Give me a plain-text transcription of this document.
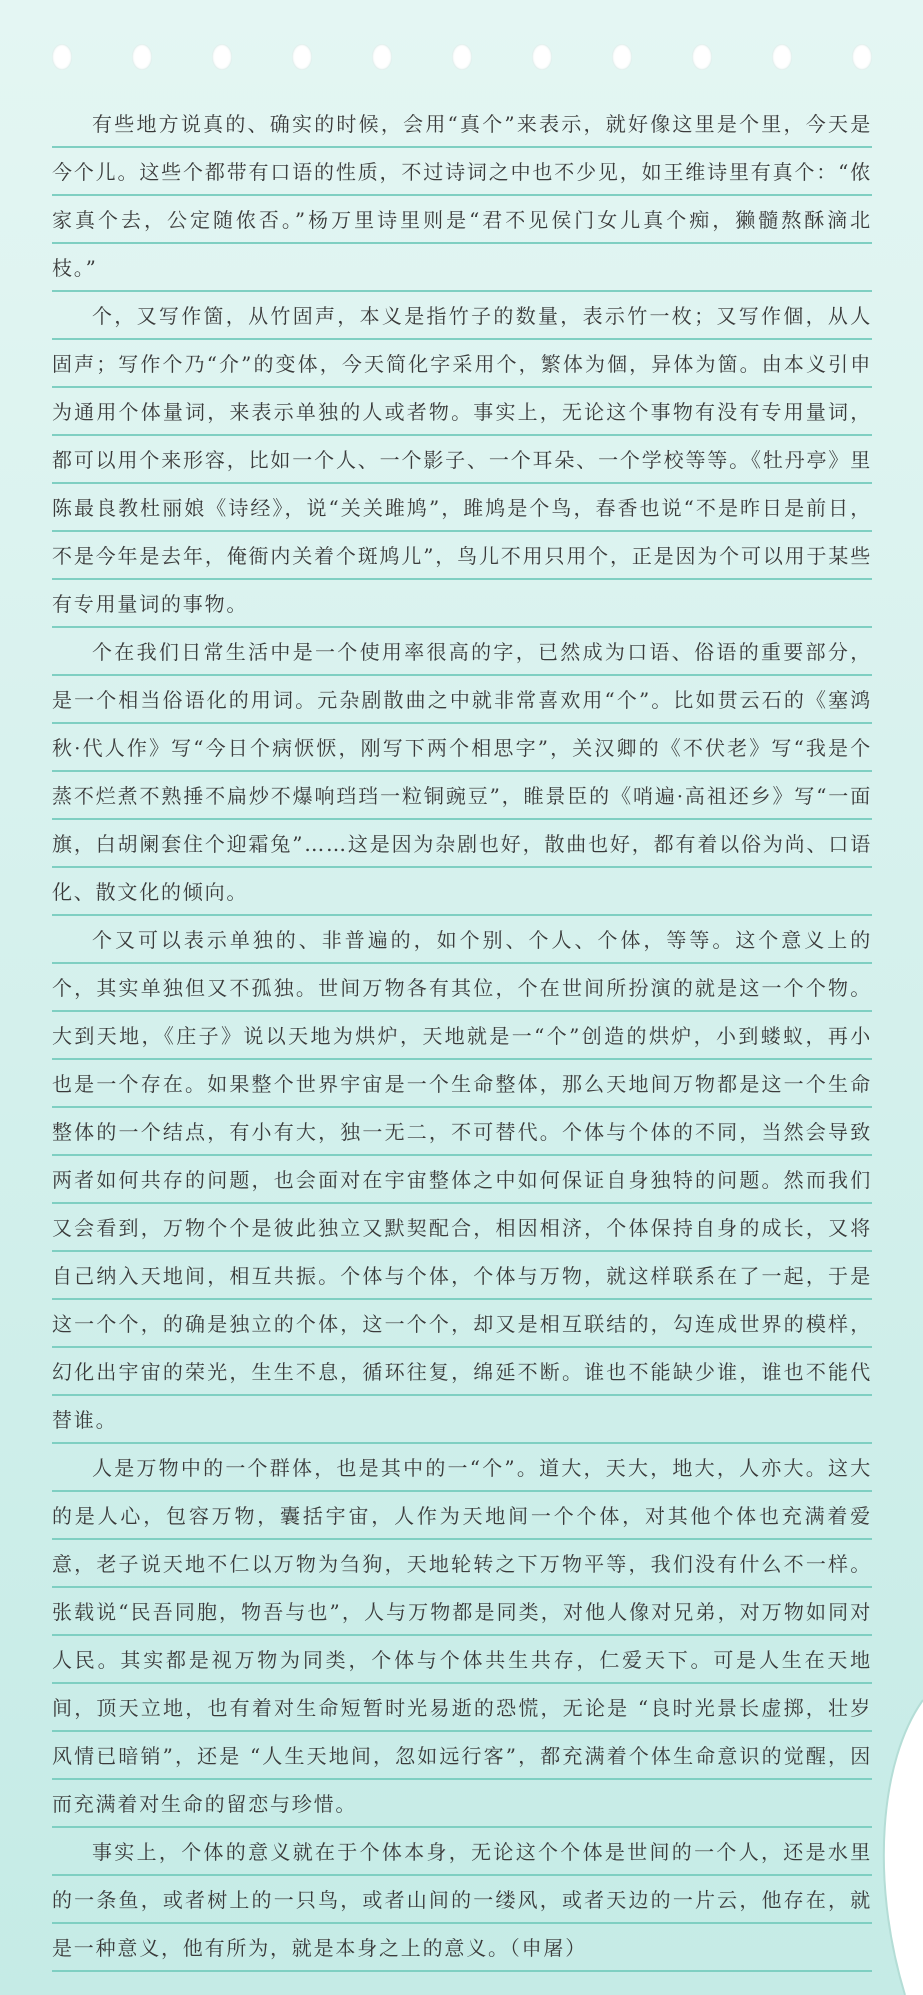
有些地方说真的、确实的时候，会用“真个”来表示，就好像这里是个里，今天是今个儿。这些个都带有口语的性质，不过诗词之中也不少见，如王维诗里有真个：“侬家真个去，公定随侬否。”杨万里诗里则是“君不见侯门女儿真个痴，獭髓熬酥滴北枝。”

个，又写作箇，从竹固声，本义是指竹子的数量，表示竹一枚；又写作個，从人固声；写作个乃“介”的变体，今天简化字采用个，繁体为個，异体为箇。由本义引申为通用个体量词，来表示单独的人或者物。事实上，无论这个事物有没有专用量词，都可以用个来形容，比如一个人、一个影子、一个耳朵、一个学校等等。《牡丹亭》里陈最良教杜丽娘《诗经》，说“关关雎鸠”，雎鸠是个鸟，春香也说“不是昨日是前日，不是今年是去年，俺衙内关着个斑鸠儿”，鸟儿不用只用个，正是因为个可以用于某些有专用量词的事物。

个在我们日常生活中是一个使用率很高的字，已然成为口语、俗语的重要部分，是一个相当俗语化的用词。元杂剧散曲之中就非常喜欢用“个”。比如贯云石的《塞鸿秋·代人作》写“今日个病恹恹，刚写下两个相思字”，关汉卿的《不伏老》写“我是个蒸不烂煮不熟捶不扁炒不爆响珰珰一粒铜豌豆”，睢景臣的《哨遍·高祖还乡》写“一面旗，白胡阑套住个迎霜兔”……这是因为杂剧也好，散曲也好，都有着以俗为尚、口语化、散文化的倾向。

个又可以表示单独的、非普遍的，如个别、个人、个体，等等。这个意义上的个，其实单独但又不孤独。世间万物各有其位，个在世间所扮演的就是这一个个物。大到天地，《庄子》说以天地为烘炉，天地就是一“个”创造的烘炉，小到蝼蚁，再小也是一个存在。如果整个世界宇宙是一个生命整体，那么天地间万物都是这一个生命整体的一个结点，有小有大，独一无二，不可替代。个体与个体的不同，当然会导致两者如何共存的问题，也会面对在宇宙整体之中如何保证自身独特的问题。然而我们又会看到，万物个个是彼此独立又默契配合，相因相济，个体保持自身的成长，又将自己纳入天地间，相互共振。个体与个体，个体与万物，就这样联系在了一起，于是这一个个，的确是独立的个体，这一个个，却又是相互联结的，勾连成世界的模样，幻化出宇宙的荣光，生生不息，循环往复，绵延不断。谁也不能缺少谁，谁也不能代替谁。

人是万物中的一个群体，也是其中的一“个”。道大，天大，地大，人亦大。这大的是人心，包容万物，囊括宇宙，人作为天地间一个个体，对其他个体也充满着爱意，老子说天地不仁以万物为刍狗，天地轮转之下万物平等，我们没有什么不一样。张载说“民吾同胞，物吾与也”，人与万物都是同类，对他人像对兄弟，对万物如同对人民。其实都是视万物为同类，个体与个体共生共存，仁爱天下。可是人生在天地间，顶天立地，也有着对生命短暂时光易逝的恐慌，无论是 “良时光景长虚掷，壮岁风情已暗销”，还是 “人生天地间，忽如远行客”，都充满着个体生命意识的觉醒，因而充满着对生命的留恋与珍惜。

事实上，个体的意义就在于个体本身，无论这个个体是世间的一个人，还是水里的一条鱼，或者树上的一只鸟，或者山间的一缕风，或者天边的一片云，他存在，就是一种意义，他有所为，就是本身之上的意义。（申屠）
